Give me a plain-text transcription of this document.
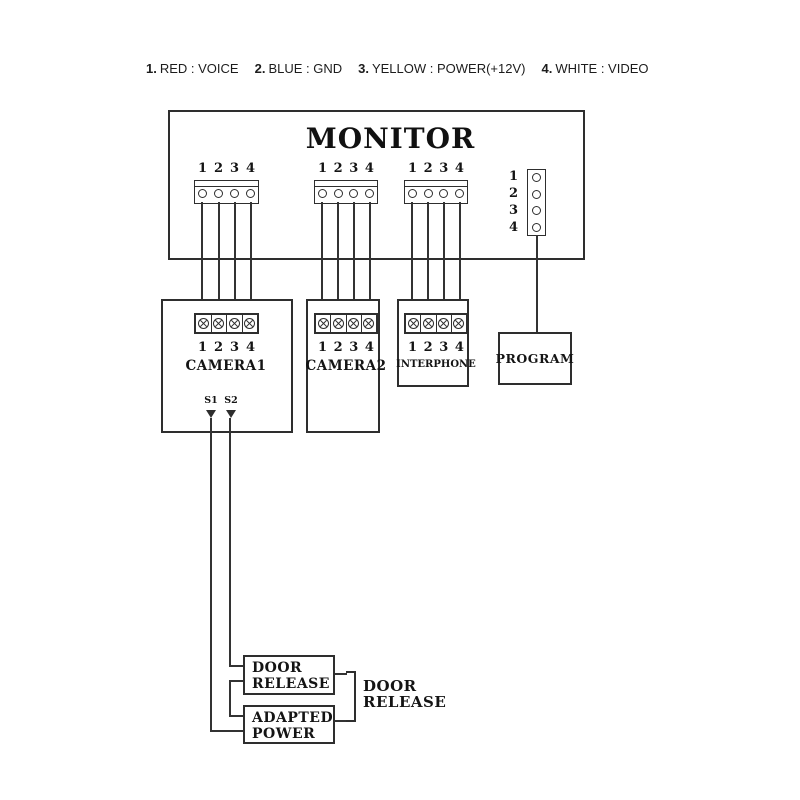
1. RED : VOICE 2. BLUE : GND 3. YELLOW : POWER(+12V) 4. WHITE : VIDEO
MONITOR
1 2 3 4	1 2 3 4	1 2 3 4
1
2
3
4
1 2 3 4
CAMERA1
S1 S2
1 2 3 4
CAMERA2
1 2 3 4
INTERPHONE	PROGRAM
DOOR
RELEASE
ADAPTED
POWER
DOOR
RELEASE
